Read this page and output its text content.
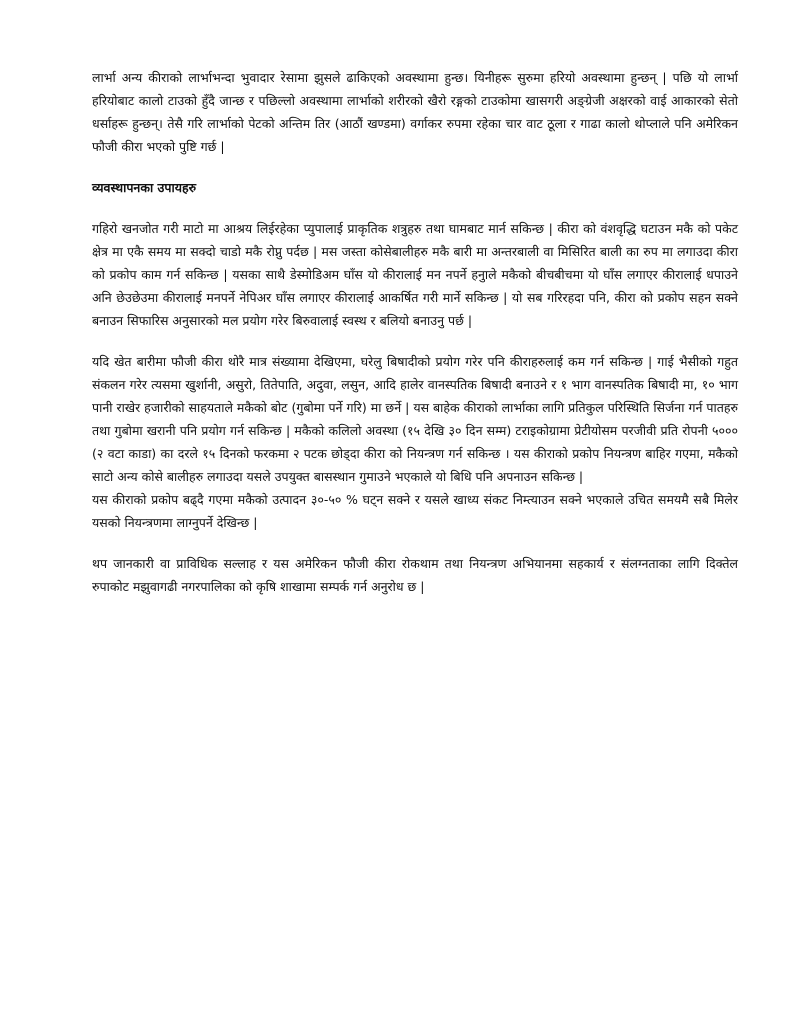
लार्भा अन्य कीराको लार्भाभन्दा भुवादार रेसामा झुसले ढाकिएको अवस्थामा हुन्छ। यिनीहरू सुरुमा हरियो अवस्थामा हुन्छन् | पछि यो लार्भा हरियोबाट कालो टाउको हुँदै जान्छ र पछिल्लो अवस्थामा लार्भाको शरीरको खैरो रङ्गको टाउकोमा खासगरी अङ्ग्रेजी अक्षरको वाई आकारको सेतो धर्साहरू हुन्छन्। तेसै गरि लार्भाको पेटको अन्तिम तिर (आठौं खण्डमा) वर्गाकर रुपमा रहेका चार वाट ठूला र गाढा कालो थोप्लाले पनि अमेरिकन फौजी कीरा भएको पुष्टि गर्छ |

व्यवस्थापनका उपायहरु

गहिरो खनजोत गरी माटो मा आश्रय लिईरहेका प्युपालाई प्राकृतिक शत्रुहरु तथा घामबाट मार्न सकिन्छ | कीरा को वंशवृद्धि घटाउन मकै को पकेट क्षेत्र मा एकै समय मा सक्दो चाडो मकै रोप्नु पर्दछ | मस जस्ता कोसेबालीहरु मकै बारी मा अन्तरबाली वा मिसिरित बाली का रुप मा लगाउदा कीरा को प्रकोप काम गर्न सकिन्छ | यसका साथै डेस्मोडिअम घाँस यो कीरालाई मन नपर्ने हनुाले मकैको बीचबीचमा यो घाँस लगाएर कीरालाई धपाउने अनि छेउछेउमा कीरालाई मनपर्ने नेपिअर घाँस लगाएर कीरालाई आकर्षित गरी मार्ने सकिन्छ | यो सब गरिरहदा पनि, कीरा को प्रकोप सहन सक्ने बनाउन सिफारिस अनुसारको मल प्रयोग गरेर बिरुवालाई स्वस्थ र बलियो बनाउनु पर्छ |

यदि खेत बारीमा फौजी कीरा थोरै मात्र संख्यामा देखिएमा, घरेलु बिषादीको प्रयोग गरेर पनि कीराहरुलाई कम गर्न सकिन्छ | गाई भैसीको गहुत संकलन गरेर त्यसमा खुर्शानी, असुरो, तितेपाति, अदुवा, लसुन, आदि हालेर वानस्पतिक बिषादी बनाउने र १ भाग वानस्पतिक बिषादी मा, १० भाग पानी राखेर हजारीको साहयताले मकैको बोट (गुबोमा पर्ने गरि) मा छर्ने | यस बाहेक कीराको लार्भाका लागि प्रतिकुल परिस्थिति सिर्जना गर्न पातहरु तथा गुबोमा खरानी पनि प्रयोग गर्न सकिन्छ | मकैको कलिलो अवस्था (१५ देखि ३० दिन सम्म) टराइकोग्रामा प्रेटीयोसम परजीवी प्रति रोपनी ५००० (२ वटा काडा) का दरले १५ दिनको फरकमा २ पटक छोड्दा कीरा को नियन्त्रण गर्न सकिन्छ । यस कीराको प्रकोप नियन्त्रण बाहिर गएमा, मकैको साटो अन्य कोसे बालीहरु लगाउदा यसले उपयुक्त बासस्थान गुमाउने भएकाले यो बिधि पनि अपनाउन सकिन्छ |

यस कीराको प्रकोप बढ्दै गएमा मकैको उत्पादन ३०-५० % घट्न सक्ने र यसले खाध्य संकट निम्त्याउन सक्ने भएकाले उचित समयमै सबै मिलेर यसको नियन्त्रणमा लाग्नुपर्ने देखिन्छ |

थप जानकारी वा प्राविधिक सल्लाह र यस अमेरिकन फौजी कीरा रोकथाम तथा नियन्त्रण अभियानमा सहकार्य र संलग्नताका लागि दिक्तेल रुपाकोट मझुवागढी नगरपालिका को कृषि शाखामा सम्पर्क गर्न अनुरोध छ |
